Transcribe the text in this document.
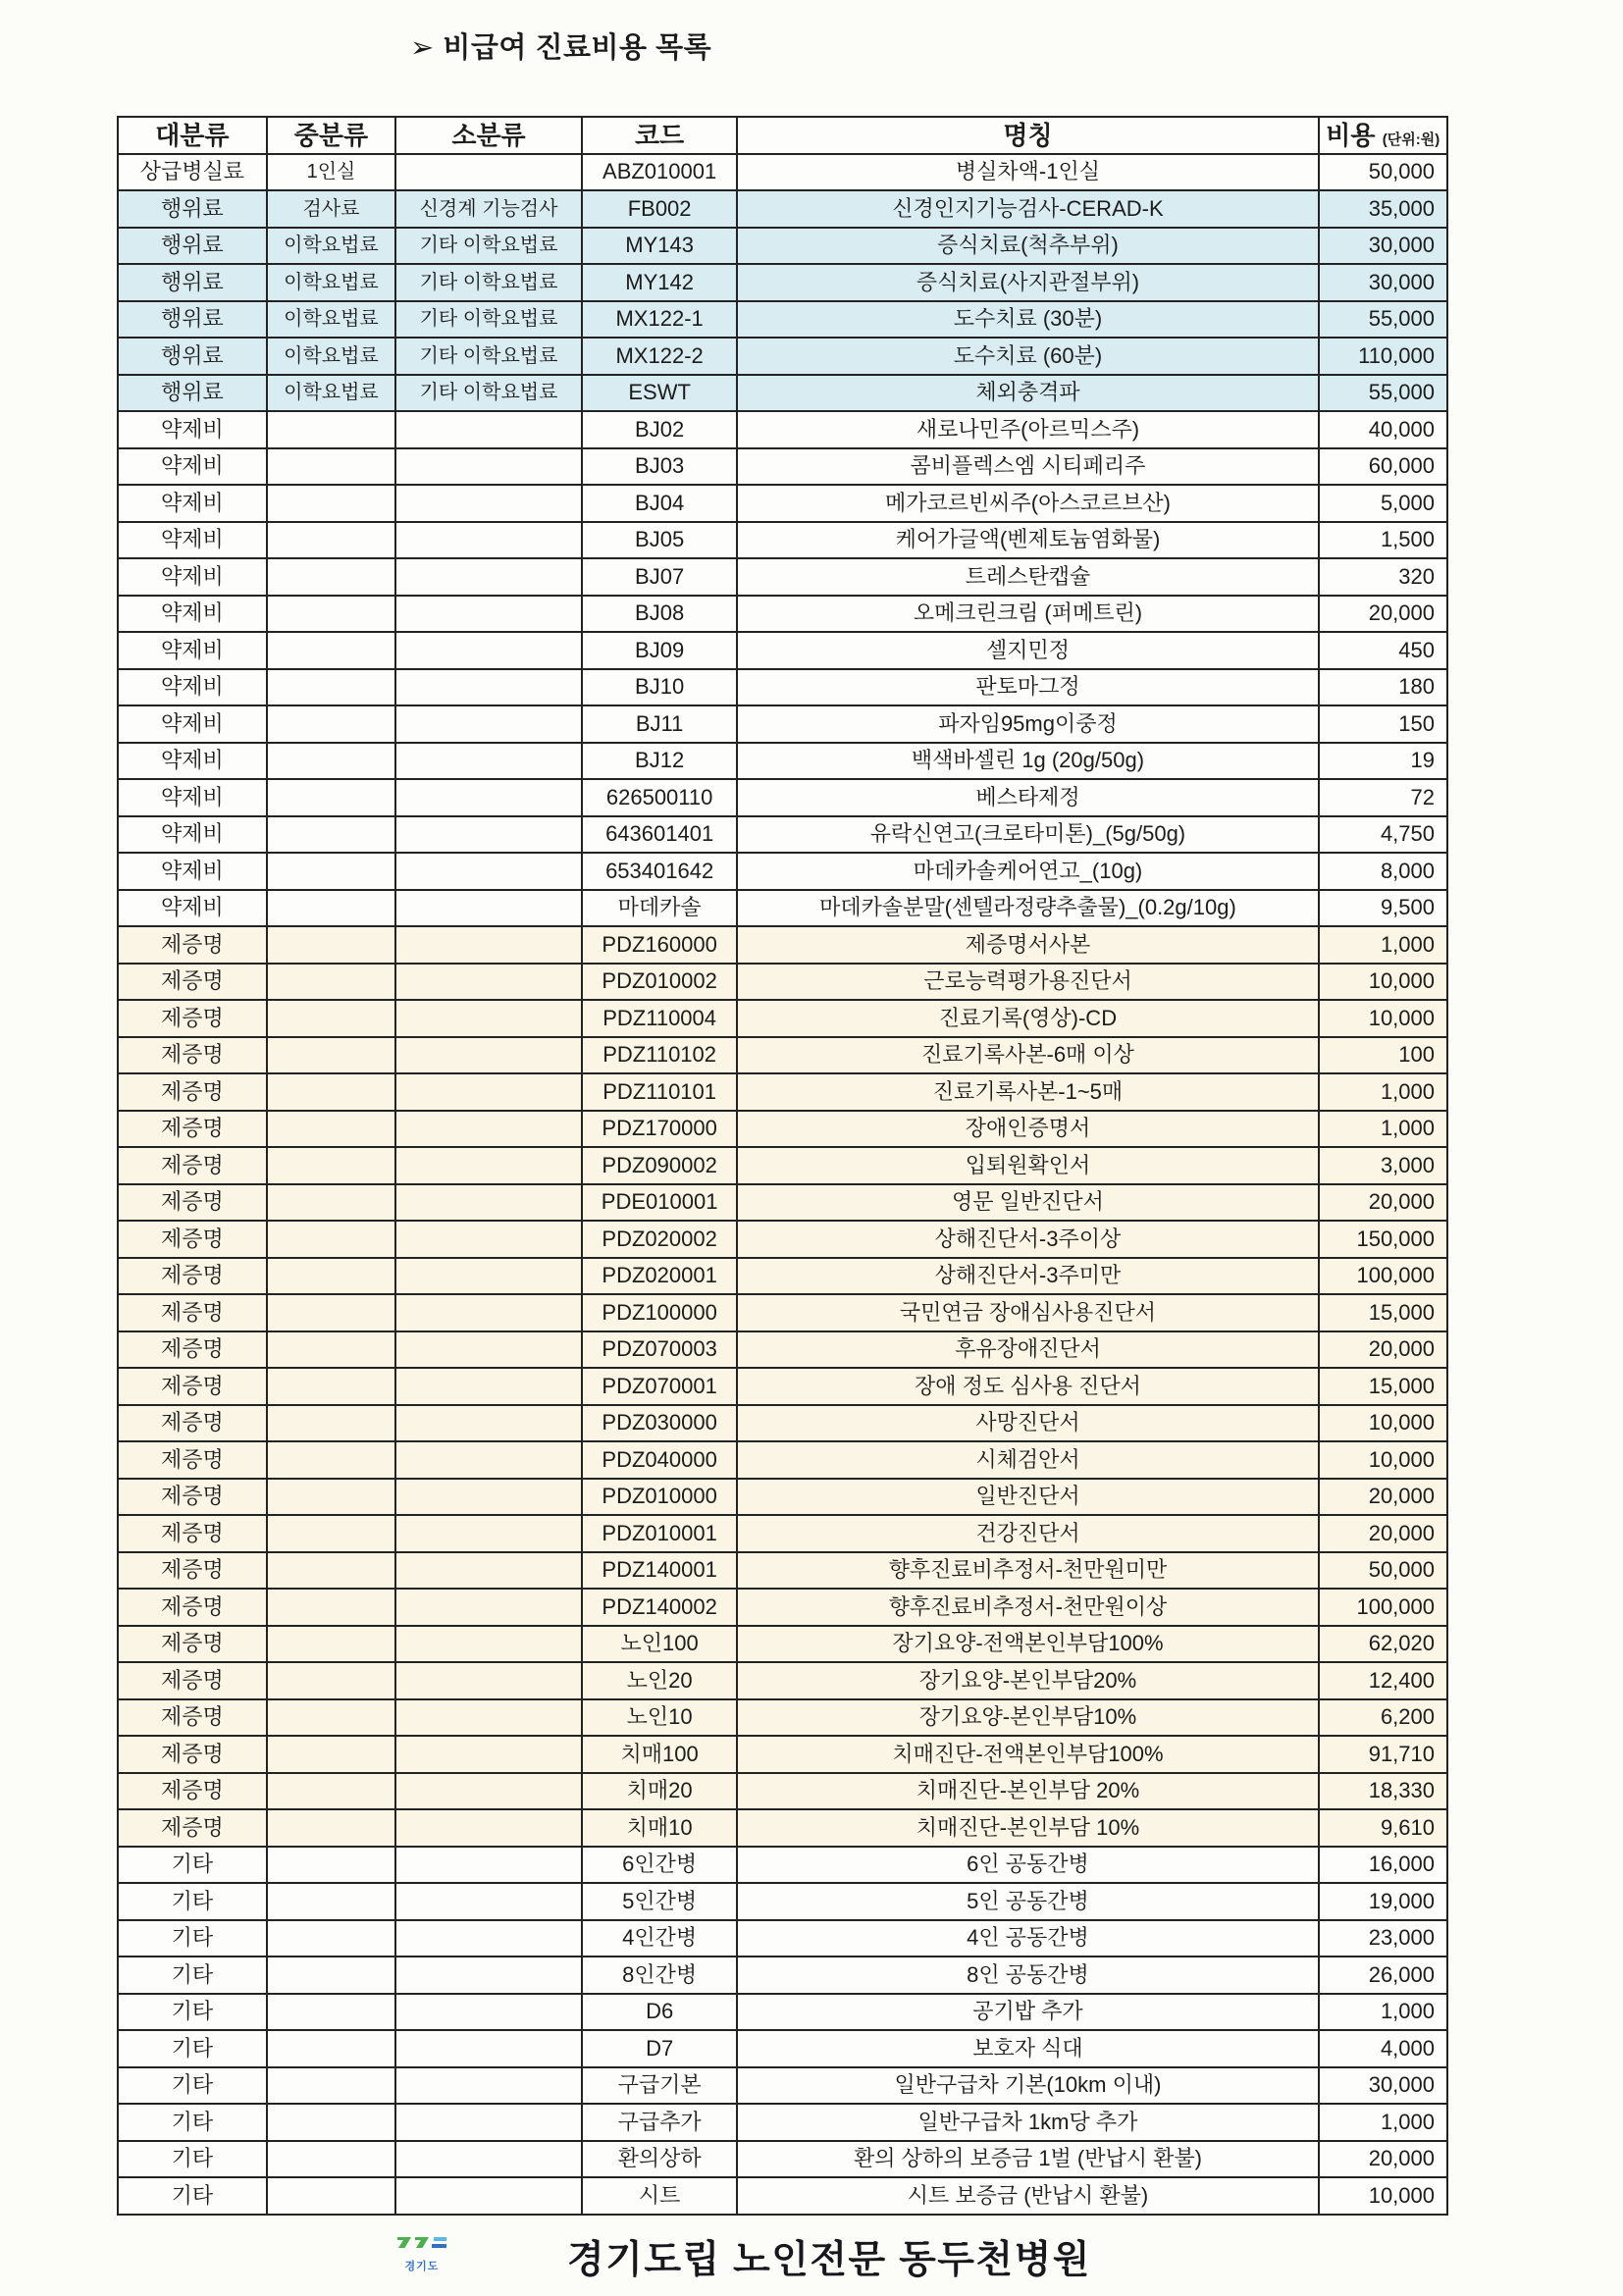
➢ 비급여 진료비용 목록
대분류	중분류	소분류	코드	명칭	비용 (단위:원)
상급병실료	1인실		ABZ010001	병실차액-1인실	50,000
행위료	검사료	신경계 기능검사	FB002	신경인지기능검사-CERAD-K	35,000
행위료	이학요법료	기타 이학요법료	MY143	증식치료(척추부위)	30,000
행위료	이학요법료	기타 이학요법료	MY142	증식치료(사지관절부위)	30,000
행위료	이학요법료	기타 이학요법료	MX122-1	도수치료 (30분)	55,000
행위료	이학요법료	기타 이학요법료	MX122-2	도수치료 (60분)	110,000
행위료	이학요법료	기타 이학요법료	ESWT	체외충격파	55,000
약제비			BJ02	새로나민주(아르믹스주)	40,000
약제비			BJ03	콤비플렉스엠 시티페리주	60,000
약제비			BJ04	메가코르빈씨주(아스코르브산)	5,000
약제비			BJ05	케어가글액(벤제토늄염화물)	1,500
약제비			BJ07	트레스탄캡슐	320
약제비			BJ08	오메크린크림 (퍼메트린)	20,000
약제비			BJ09	셀지민정	450
약제비			BJ10	판토마그정	180
약제비			BJ11	파자임95mg이중정	150
약제비			BJ12	백색바셀린 1g (20g/50g)	19
약제비			626500110	베스타제정	72
약제비			643601401	유락신연고(크로타미톤)_(5g/50g)	4,750
약제비			653401642	마데카솔케어연고_(10g)	8,000
약제비			마데카솔	마데카솔분말(센텔라정량추출물)_(0.2g/10g)	9,500
제증명			PDZ160000	제증명서사본	1,000
제증명			PDZ010002	근로능력평가용진단서	10,000
제증명			PDZ110004	진료기록(영상)-CD	10,000
제증명			PDZ110102	진료기록사본-6매 이상	100
제증명			PDZ110101	진료기록사본-1~5매	1,000
제증명			PDZ170000	장애인증명서	1,000
제증명			PDZ090002	입퇴원확인서	3,000
제증명			PDE010001	영문 일반진단서	20,000
제증명			PDZ020002	상해진단서-3주이상	150,000
제증명			PDZ020001	상해진단서-3주미만	100,000
제증명			PDZ100000	국민연금 장애심사용진단서	15,000
제증명			PDZ070003	후유장애진단서	20,000
제증명			PDZ070001	장애 정도 심사용 진단서	15,000
제증명			PDZ030000	사망진단서	10,000
제증명			PDZ040000	시체검안서	10,000
제증명			PDZ010000	일반진단서	20,000
제증명			PDZ010001	건강진단서	20,000
제증명			PDZ140001	향후진료비추정서-천만원미만	50,000
제증명			PDZ140002	향후진료비추정서-천만원이상	100,000
제증명			노인100	장기요양-전액본인부담100%	62,020
제증명			노인20	장기요양-본인부담20%	12,400
제증명			노인10	장기요양-본인부담10%	6,200
제증명			치매100	치매진단-전액본인부담100%	91,710
제증명			치매20	치매진단-본인부담 20%	18,330
제증명			치매10	치매진단-본인부담 10%	9,610
기타			6인간병	6인 공동간병	16,000
기타			5인간병	5인 공동간병	19,000
기타			4인간병	4인 공동간병	23,000
기타			8인간병	8인 공동간병	26,000
기타			D6	공기밥 추가	1,000
기타			D7	보호자 식대	4,000
기타			구급기본	일반구급차 기본(10km 이내)	30,000
기타			구급추가	일반구급차 1km당 추가	1,000
기타			환의상하	환의 상하의 보증금 1벌 (반납시 환불)	20,000
기타			시트	시트 보증금 (반납시 환불)	10,000
경기도	경기도립 노인전문 동두천병원
